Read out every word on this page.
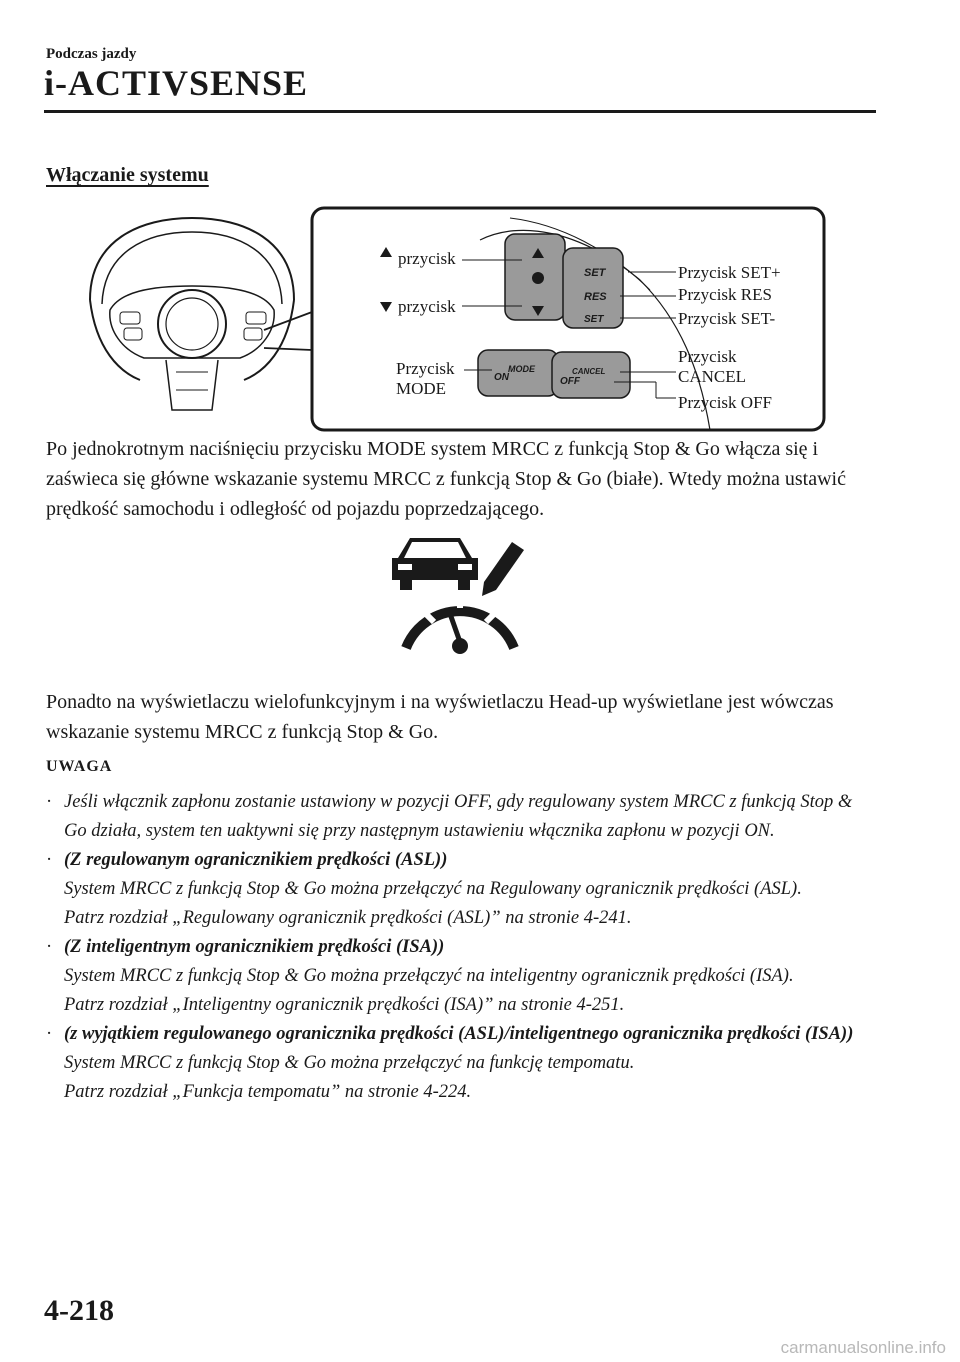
Podczas jazdy
i-ACTIVSENSE
Włączanie systemu
SET
RES
SET
MODE
ON
CANCEL
OFF
przycisk
przycisk
Przycisk
MODE
Przycisk SET+
Przycisk RES
Przycisk SET-
Przycisk
CANCEL
Przycisk OFF
Po jednokrotnym naciśnięciu przycisku MODE system MRCC z funkcją Stop & Go włącza się i zaświeca się główne wskazanie systemu MRCC z funkcją Stop & Go (białe). Wtedy można ustawić prędkość samochodu i odległość od pojazdu poprzedzającego.
Ponadto na wyświetlaczu wielofunkcyjnym i na wyświetlaczu Head-up wyświetlane jest wówczas wskazanie systemu MRCC z funkcją Stop & Go.
UWAGA
· Jeśli włącznik zapłonu zostanie ustawiony w pozycji OFF, gdy regulowany system MRCC z funkcją Stop & Go działa, system ten uaktywni się przy następnym ustawieniu włącznika zapłonu w pozycji ON.
· (Z regulowanym ogranicznikiem prędkości (ASL))
System MRCC z funkcją Stop & Go można przełączyć na Regulowany ogranicznik prędkości (ASL).
Patrz rozdział „Regulowany ogranicznik prędkości (ASL)” na stronie 4-241.
· (Z inteligentnym ogranicznikiem prędkości (ISA))
System MRCC z funkcją Stop & Go można przełączyć na inteligentny ogranicznik prędkości (ISA).
Patrz rozdział „Inteligentny ogranicznik prędkości (ISA)” na stronie 4-251.
· (z wyjątkiem regulowanego ogranicznika prędkości (ASL)/inteligentnego ogranicznika prędkości (ISA))
System MRCC z funkcją Stop & Go można przełączyć na funkcję tempomatu.
Patrz rozdział „Funkcja tempomatu” na stronie 4-224.
4-218
carmanualsonline.info
